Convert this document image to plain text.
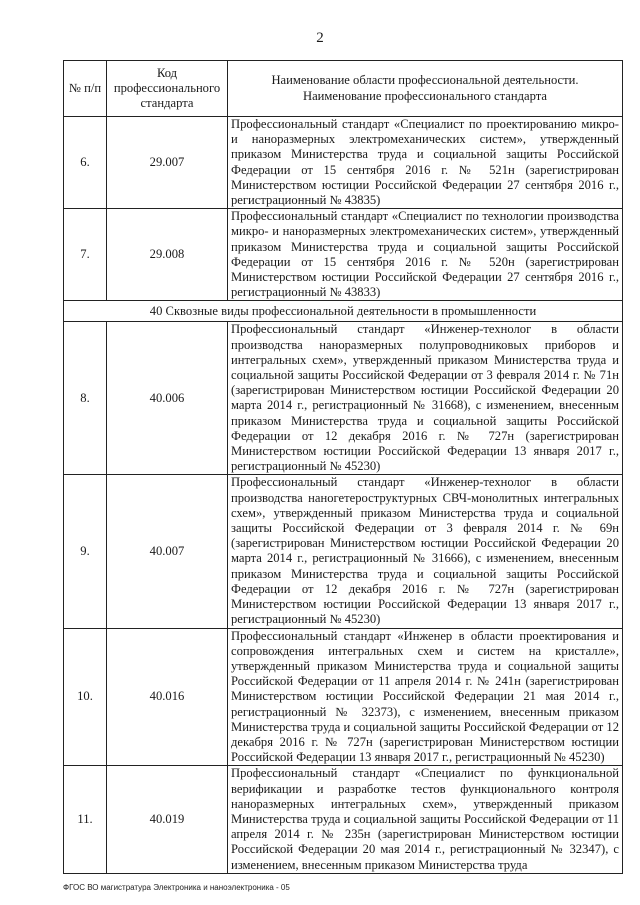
2
№ п/п	Код профессионального стандарта	Наименование области профессиональной деятельности. Наименование профессионального стандарта
6.	29.007	Профессиональный стандарт «Специалист по проектированию микро- и наноразмерных электромеханических систем», утвержденный приказом Министерства труда и социальной защиты Российской Федерации от 15 сентября 2016 г. № 521н (зарегистрирован Министерством юстиции Российской Федерации 27 сентября 2016 г., регистрационный № 43835)
7.	29.008	Профессиональный стандарт «Специалист по технологии производства микро- и наноразмерных электромеханических систем», утвержденный приказом Министерства труда и социальной защиты Российской Федерации от 15 сентября 2016 г. № 520н (зарегистрирован Министерством юстиции Российской Федерации 27 сентября 2016 г., регистрационный № 43833)
40 Сквозные виды профессиональной деятельности в промышленности		
8.	40.006	Профессиональный стандарт «Инженер-технолог в области производства наноразмерных полупроводниковых приборов и интегральных схем», утвержденный приказом Министерства труда и социальной защиты Российской Федерации от 3 февраля 2014 г. № 71н (зарегистрирован Министерством юстиции Российской Федерации 20 марта 2014 г., регистрационный № 31668), с изменением, внесенным приказом Министерства труда и социальной защиты Российской Федерации от 12 декабря 2016 г. № 727н (зарегистрирован Министерством юстиции Российской Федерации 13 января 2017 г., регистрационный № 45230)
9.	40.007	Профессиональный стандарт «Инженер-технолог в области производства наногетероструктурных СВЧ-монолитных интегральных схем», утвержденный приказом Министерства труда и социальной защиты Российской Федерации от 3 февраля 2014 г. № 69н (зарегистрирован Министерством юстиции Российской Федерации 20 марта 2014 г., регистрационный № 31666), с изменением, внесенным приказом Министерства труда и социальной защиты Российской Федерации от 12 декабря 2016 г. № 727н (зарегистрирован Министерством юстиции Российской Федерации 13 января 2017 г., регистрационный № 45230)
10.	40.016	Профессиональный стандарт «Инженер в области проектирования и сопровождения интегральных схем и систем на кристалле», утвержденный приказом Министерства труда и социальной защиты Российской Федерации от 11 апреля 2014 г. № 241н (зарегистрирован Министерством юстиции Российской Федерации 21 мая 2014 г., регистрационный № 32373), с изменением, внесенным приказом Министерства труда и социальной защиты Российской Федерации от 12 декабря 2016 г. № 727н (зарегистрирован Министерством юстиции Российской Федерации 13 января 2017 г., регистрационный № 45230)
11.	40.019	Профессиональный стандарт «Специалист по функциональной верификации и разработке тестов функционального контроля наноразмерных интегральных схем», утвержденный приказом Министерства труда и социальной защиты Российской Федерации от 11 апреля 2014 г. № 235н (зарегистрирован Министерством юстиции Российской Федерации 20 мая 2014 г., регистрационный № 32347), с изменением, внесенным приказом Министерства труда
ФГОС ВО магистратура Электроника и наноэлектроника - 05
